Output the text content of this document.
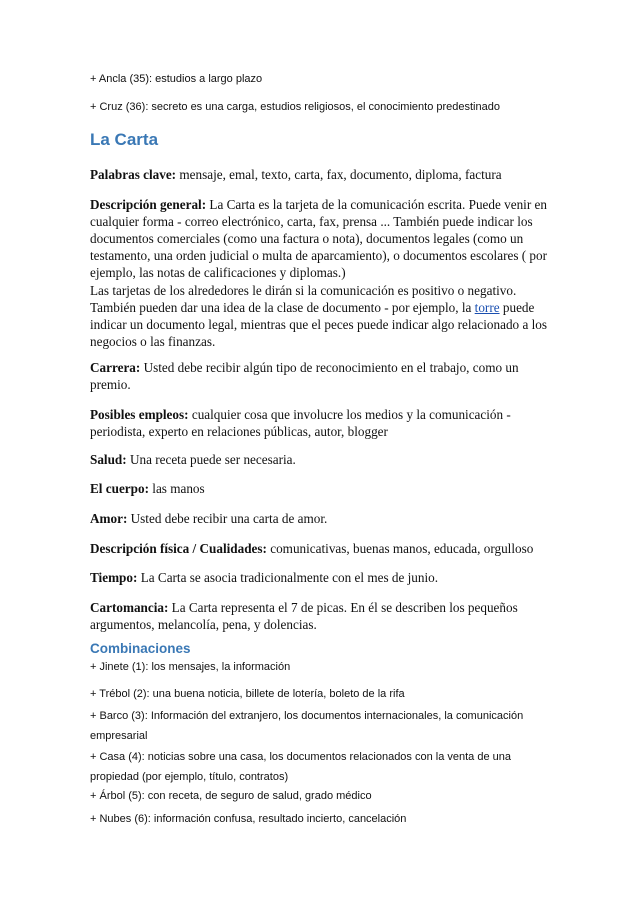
+ Ancla (35): estudios a largo plazo

+ Cruz (36): secreto es una carga, estudios religiosos, el conocimiento predestinado

La Carta

Palabras clave: mensaje, emal, texto, carta, fax, documento, diploma, factura

Descripción general: La Carta es la tarjeta de la comunicación escrita. Puede venir en cualquier forma - correo electrónico, carta, fax, prensa ... También puede indicar los documentos comerciales (como una factura o nota), documentos legales (como un testamento, una orden judicial o multa de aparcamiento), o documentos escolares ( por ejemplo, las notas de calificaciones y diplomas.)

Las tarjetas de los alrededores le dirán si la comunicación es positivo o negativo. También pueden dar una idea de la clase de documento - por ejemplo, la torre puede indicar un documento legal, mientras que el peces puede indicar algo relacionado a los negocios o las finanzas.

Carrera: Usted debe recibir algún tipo de reconocimiento en el trabajo, como un premio.

Posibles empleos: cualquier cosa que involucre los medios y la comunicación - periodista, experto en relaciones públicas, autor, blogger

Salud: Una receta puede ser necesaria.

El cuerpo: las manos

Amor: Usted debe recibir una carta de amor.

Descripción física / Cualidades: comunicativas, buenas manos, educada, orgulloso

Tiempo: La Carta se asocia tradicionalmente con el mes de junio.

Cartomancia: La Carta representa el 7 de picas. En él se describen los pequeños argumentos, melancolía, pena, y dolencias.

Combinaciones

+ Jinete (1): los mensajes, la información

+ Trébol (2): una buena noticia, billete de lotería, boleto de la rifa

+ Barco (3): Información del extranjero, los documentos internacionales, la comunicación empresarial

+ Casa (4): noticias sobre una casa, los documentos relacionados con la venta de una propiedad (por ejemplo, título, contratos)

+ Árbol (5): con receta, de seguro de salud, grado médico

+ Nubes (6): información confusa, resultado incierto, cancelación
